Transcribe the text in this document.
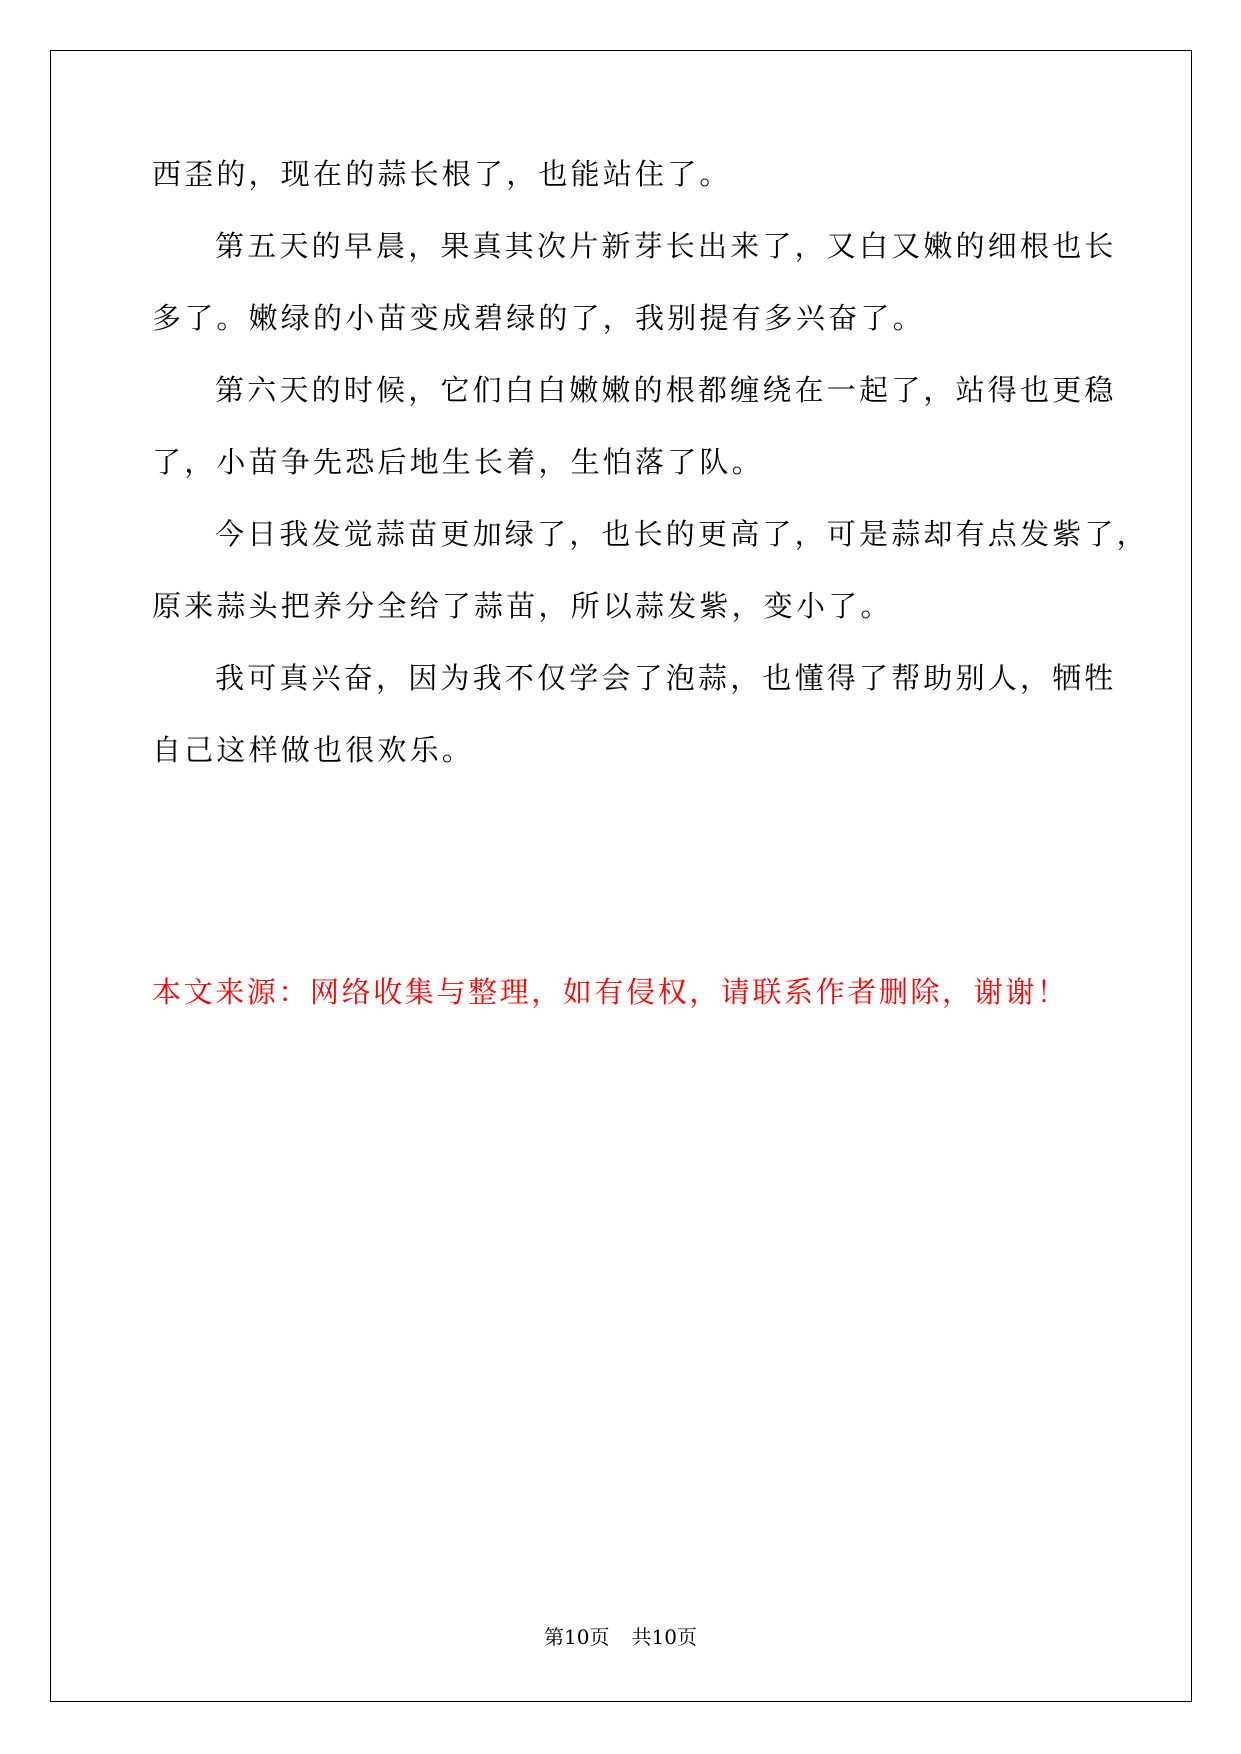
西歪的，现在的蒜长根了，也能站住了。
第五天的早晨，果真其次片新芽长出来了，又白又嫩的细根也长
多了。嫩绿的小苗变成碧绿的了，我别提有多兴奋了。
第六天的时候，它们白白嫩嫩的根都缠绕在一起了，站得也更稳
了，小苗争先恐后地生长着，生怕落了队。
今日我发觉蒜苗更加绿了，也长的更高了，可是蒜却有点发紫了，
原来蒜头把养分全给了蒜苗，所以蒜发紫，变小了。
我可真兴奋，因为我不仅学会了泡蒜，也懂得了帮助别人，牺牲
自己这样做也很欢乐。
本文来源：网络收集与整理，如有侵权，请联系作者删除，谢谢！
第10页 共10页
